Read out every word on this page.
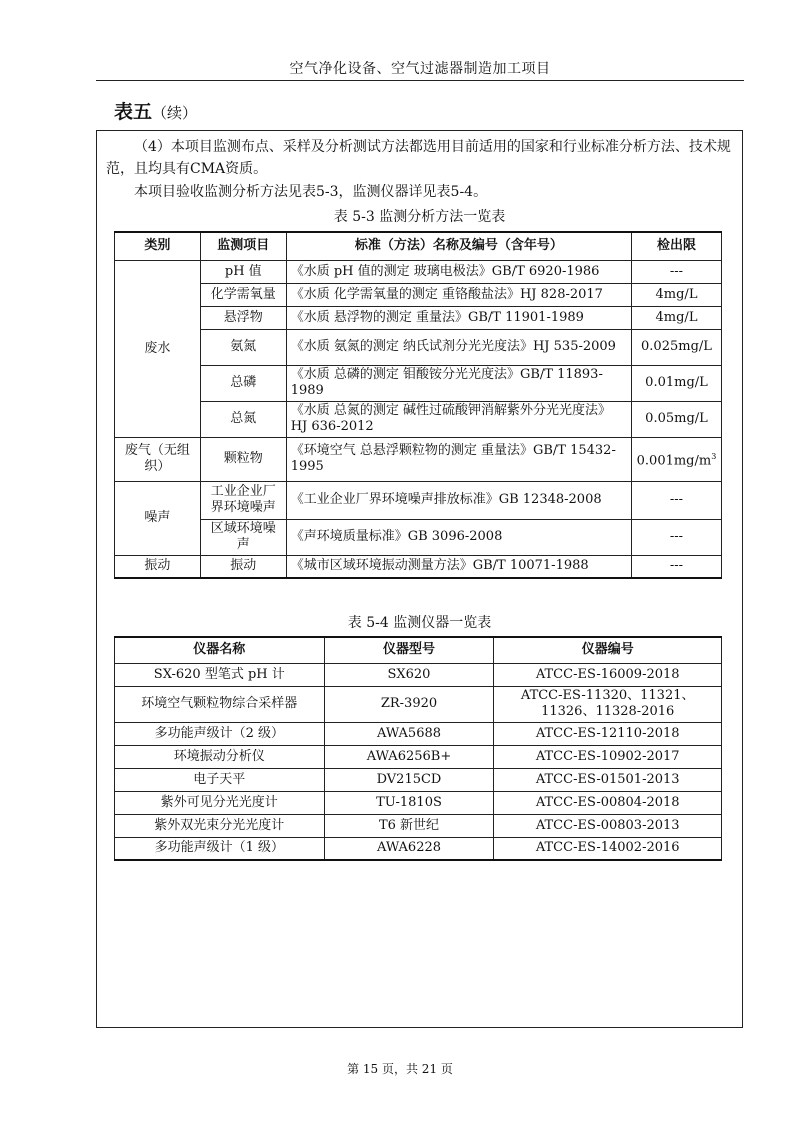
空气净化设备、空气过滤器制造加工项目
表五（续）
（4）本项目监测布点、采样及分析测试方法都选用目前适用的国家和行业标准分析方法、技术规范，且均具有CMA资质。
本项目验收监测分析方法见表5-3，监测仪器详见表5-4。
表 5-3 监测分析方法一览表
类别	监测项目	标准（方法）名称及编号（含年号）	检出限
废水	pH 值	《水质 pH 值的测定 玻璃电极法》GB/T 6920-1986	---
	化学需氧量	《水质 化学需氧量的测定 重铬酸盐法》HJ 828-2017	4mg/L
	悬浮物	《水质 悬浮物的测定 重量法》GB/T 11901-1989	4mg/L
	氨氮	《水质 氨氮的测定 纳氏试剂分光光度法》HJ 535-2009	0.025mg/L
	总磷	《水质 总磷的测定 钼酸铵分光光度法》GB/T 11893-1989	0.01mg/L
	总氮	《水质 总氮的测定 碱性过硫酸钾消解紫外分光光度法》HJ 636-2012	0.05mg/L
废气（无组织）	颗粒物	《环境空气 总悬浮颗粒物的测定 重量法》GB/T 15432-1995	$0.001mg/m^3$
噪声	工业企业厂界环境噪声	《工业企业厂界环境噪声排放标准》GB 12348-2008	---
	区域环境噪声	《声环境质量标准》GB 3096-2008	---
振动	振动	《城市区域环境振动测量方法》GB/T 10071-1988	---
表 5-4 监测仪器一览表
仪器名称	仪器型号	仪器编号
SX-620 型笔式 pH 计	SX620	ATCC-ES-16009-2018
环境空气颗粒物综合采样器	ZR-3920	ATCC-ES-11320、11321、11326、11328-2016
多功能声级计（2 级）	AWA5688	ATCC-ES-12110-2018
环境振动分析仪	AWA6256B+	ATCC-ES-10902-2017
电子天平	DV215CD	ATCC-ES-01501-2013
紫外可见分光光度计	TU-1810S	ATCC-ES-00804-2018
紫外双光束分光光度计	T6 新世纪	ATCC-ES-00803-2013
多功能声级计（1 级）	AWA6228	ATCC-ES-14002-2016
第 15 页，共 21 页
